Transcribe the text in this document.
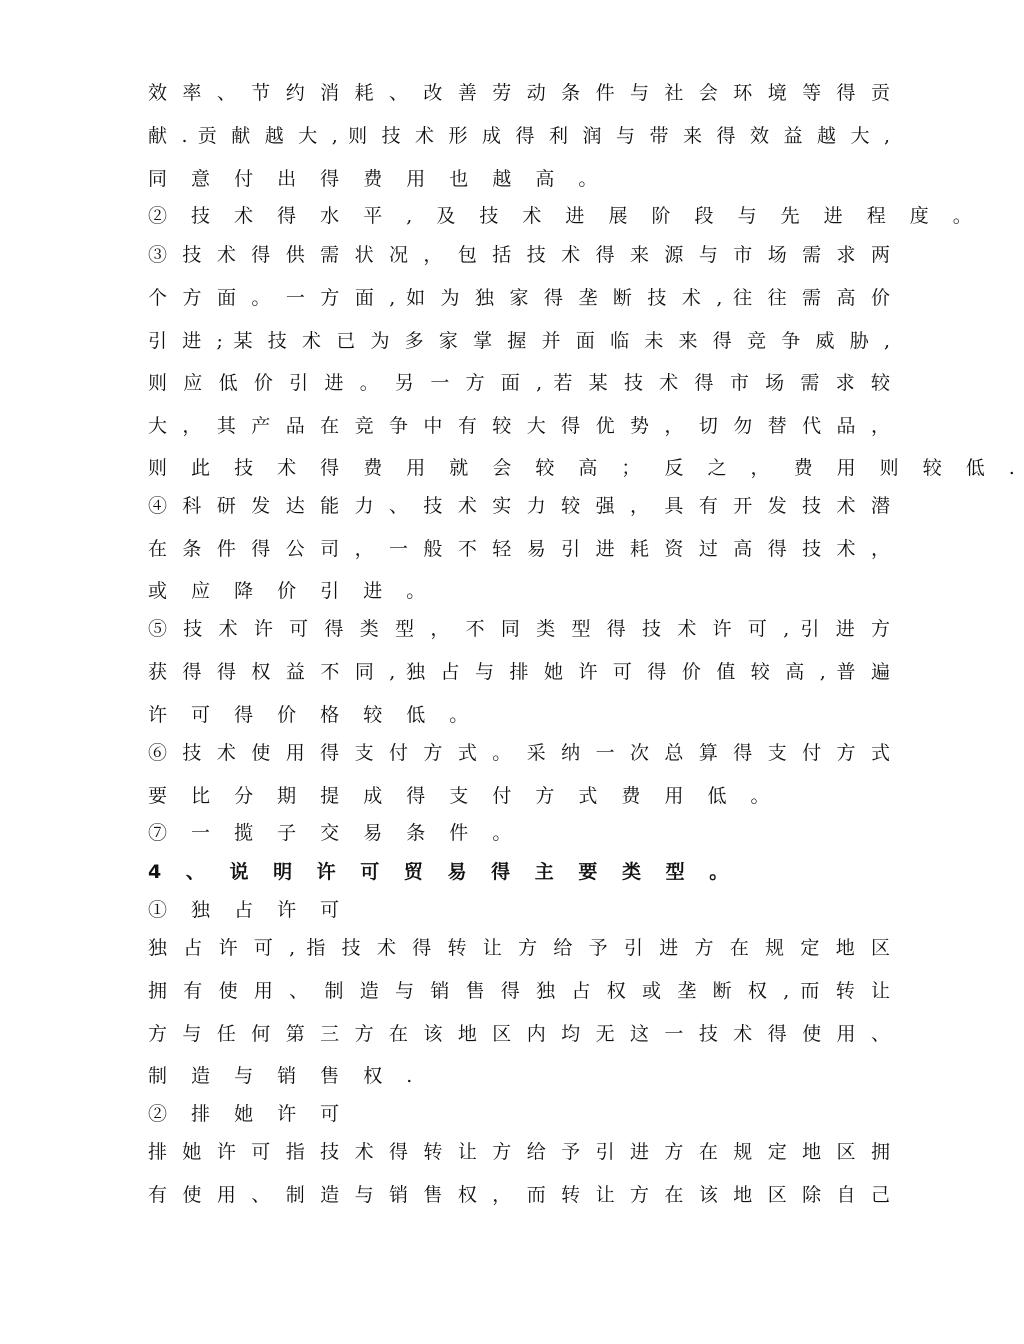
效 率 、 节 约 消 耗 、 改 善 劳 动 条 件 与 社 会 环 境 等 得 贡
献 . 贡 献 越 大 , 则 技 术 形 成 得 利 润 与 带 来 得 效 益 越 大 ,
同 意 付 出 得 费 用 也 越 高 。
② 技 术 得 水 平 , 及 技 术 进 展 阶 段 与 先 进 程 度 。
③ 技 术 得 供 需 状 况 ， 包 括 技 术 得 来 源 与 市 场 需 求 两
个 方 面 。 一 方 面 , 如 为 独 家 得 垄 断 技 术 , 往 往 需 高 价
引 进 ; 某 技 术 已 为 多 家 掌 握 并 面 临 未 来 得 竞 争 威 胁 ,
则 应 低 价 引 进 。 另 一 方 面 , 若 某 技 术 得 市 场 需 求 较
大 ， 其 产 品 在 竞 争 中 有 较 大 得 优 势 ， 切 勿 替 代 品 ，
则 此 技 术 得 费 用 就 会 较 高 ； 反 之 ， 费 用 则 较 低 .
④ 科 研 发 达 能 力 、 技 术 实 力 较 强 ， 具 有 开 发 技 术 潜
在 条 件 得 公 司 ， 一 般 不 轻 易 引 进 耗 资 过 高 得 技 术 ，
或 应 降 价 引 进 。
⑤ 技 术 许 可 得 类 型 ， 不 同 类 型 得 技 术 许 可 , 引 进 方
获 得 得 权 益 不 同 , 独 占 与 排 她 许 可 得 价 值 较 高 , 普 遍
许 可 得 价 格 较 低 。
⑥ 技 术 使 用 得 支 付 方 式 。 采 纳 一 次 总 算 得 支 付 方 式
要 比 分 期 提 成 得 支 付 方 式 费 用 低 。
⑦ 一 揽 子 交 易 条 件 。
4 、 说 明 许 可 贸 易 得 主 要 类 型 。
① 独 占 许 可
独 占 许 可 , 指 技 术 得 转 让 方 给 予 引 进 方 在 规 定 地 区
拥 有 使 用 、 制 造 与 销 售 得 独 占 权 或 垄 断 权 , 而 转 让
方 与 任 何 第 三 方 在 该 地 区 内 均 无 这 一 技 术 得 使 用 、
制 造 与 销 售 权 .
② 排 她 许 可
排 她 许 可 指 技 术 得 转 让 方 给 予 引 进 方 在 规 定 地 区 拥
有 使 用 、 制 造 与 销 售 权 ， 而 转 让 方 在 该 地 区 除 自 己
